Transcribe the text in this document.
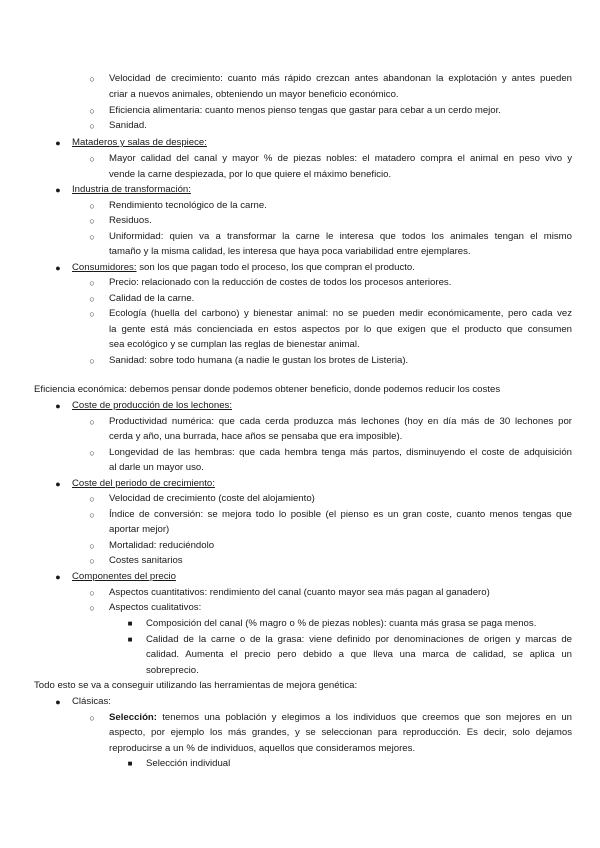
○	Velocidad de crecimiento: cuanto más rápido crezcan antes abandonan la explotación y antes pueden
criar a nuevos animales, obteniendo un mayor beneficio económico.
○	Eficiencia alimentaria: cuanto menos pienso tengas que gastar para cebar a un cerdo mejor.
○	Sanidad.
●	Mataderos y salas de despiece:
○	Mayor calidad del canal y mayor % de piezas nobles: el matadero compra el animal en peso vivo y
vende la carne despiezada, por lo que quiere el máximo beneficio.
●	Industria de transformación:
○	Rendimiento tecnológico de la carne.
○	Residuos.
○	Uniformidad: quien va a transformar la carne le interesa que todos los animales tengan el mismo
tamaño y la misma calidad, les interesa que haya poca variabilidad entre ejemplares.
●	Consumidores: son los que pagan todo el proceso, los que compran el producto.
○	Precio: relacionado con la reducción de costes de todos los procesos anteriores.
○	Calidad de la carne.
○	Ecología (huella del carbono) y bienestar animal: no se pueden medir económicamente, pero cada vez
la gente está más concienciada en estos aspectos por lo que exigen que el producto que consumen
sea ecológico y se cumplan las reglas de bienestar animal.
○	Sanidad: sobre todo humana (a nadie le gustan los brotes de Listeria).
Eficiencia económica: debemos pensar donde podemos obtener beneficio, donde podemos reducir los costes
●	Coste de producción de los lechones:
○	Productividad numérica: que cada cerda produzca más lechones (hoy en día más de 30 lechones por
cerda y año, una burrada, hace años se pensaba que era imposible).
○	Longevidad de las hembras: que cada hembra tenga más partos, disminuyendo el coste de adquisición
al darle un mayor uso.
●	Coste del periodo de crecimiento:
○	Velocidad de crecimiento (coste del alojamiento)
○	Índice de conversión: se mejora todo lo posible (el pienso es un gran coste, cuanto menos tengas que
aportar mejor)
○	Mortalidad: reduciéndolo
○	Costes sanitarios
●	Componentes del precio
○	Aspectos cuantitativos: rendimiento del canal (cuanto mayor sea más pagan al ganadero)
○	Aspectos cualitativos:
■	Composición del canal (% magro o % de piezas nobles): cuanta más grasa se paga menos.
■	Calidad de la carne o de la grasa: viene definido por denominaciones de origen y marcas de
calidad. Aumenta el precio pero debido a que lleva una marca de calidad, se aplica un
sobreprecio.
Todo esto se va a conseguir utilizando las herramientas de mejora genética:
●	Clásicas:
○	Selección: tenemos una población y elegimos a los individuos que creemos que son mejores en un
aspecto, por ejemplo los más grandes, y se seleccionan para reproducción. Es decir, solo dejamos
reproducirse a un % de individuos, aquellos que consideramos mejores.
■	Selección individual
